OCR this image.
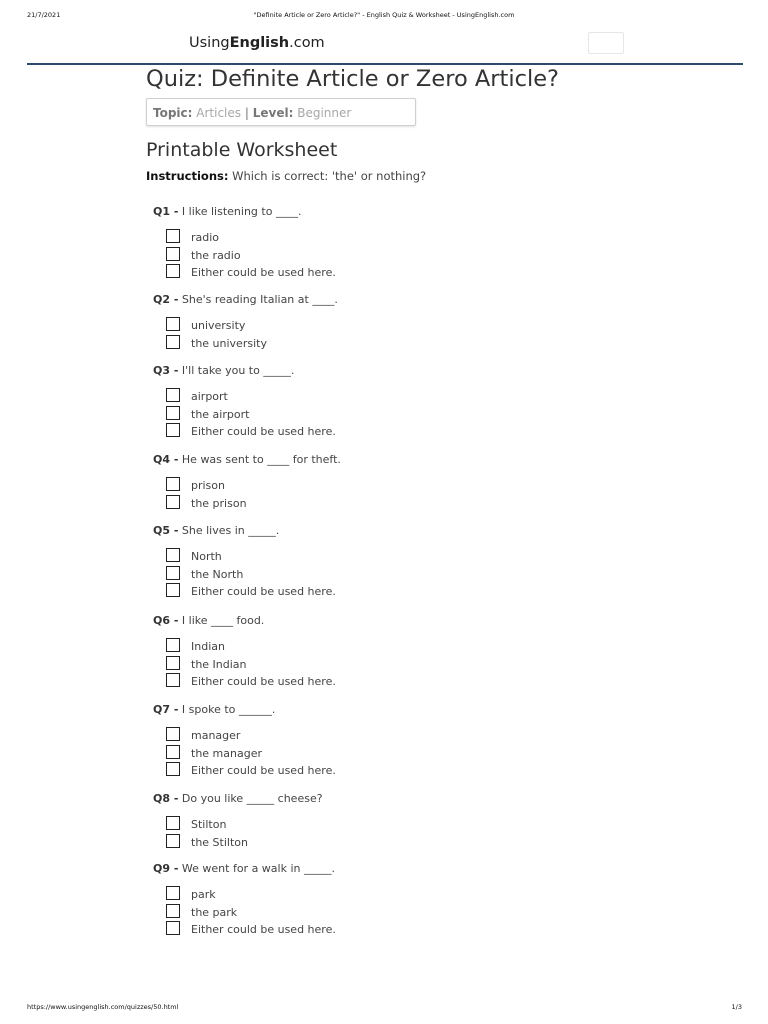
21/7/2021	"Definite Article or Zero Article?" - English Quiz & Worksheet - UsingEnglish.com
UsingEnglish.com
Quiz: Definite Article or Zero Article?
Topic: Articles | Level: Beginner
Printable Worksheet
Instructions: Which is correct: 'the' or nothing?
Q1 - I like listening to ____.
radio
the radio
Either could be used here.
Q2 - She's reading Italian at ____.
university
the university
Q3 - I'll take you to _____.
airport
the airport
Either could be used here.
Q4 - He was sent to ____ for theft.
prison
the prison
Q5 - She lives in _____.
North
the North
Either could be used here.
Q6 - I like ____ food.
Indian
the Indian
Either could be used here.
Q7 - I spoke to ______.
manager
the manager
Either could be used here.
Q8 - Do you like _____ cheese?
Stilton
the Stilton
Q9 - We went for a walk in _____.
park
the park
Either could be used here.
https://www.usingenglish.com/quizzes/50.html	1/3
